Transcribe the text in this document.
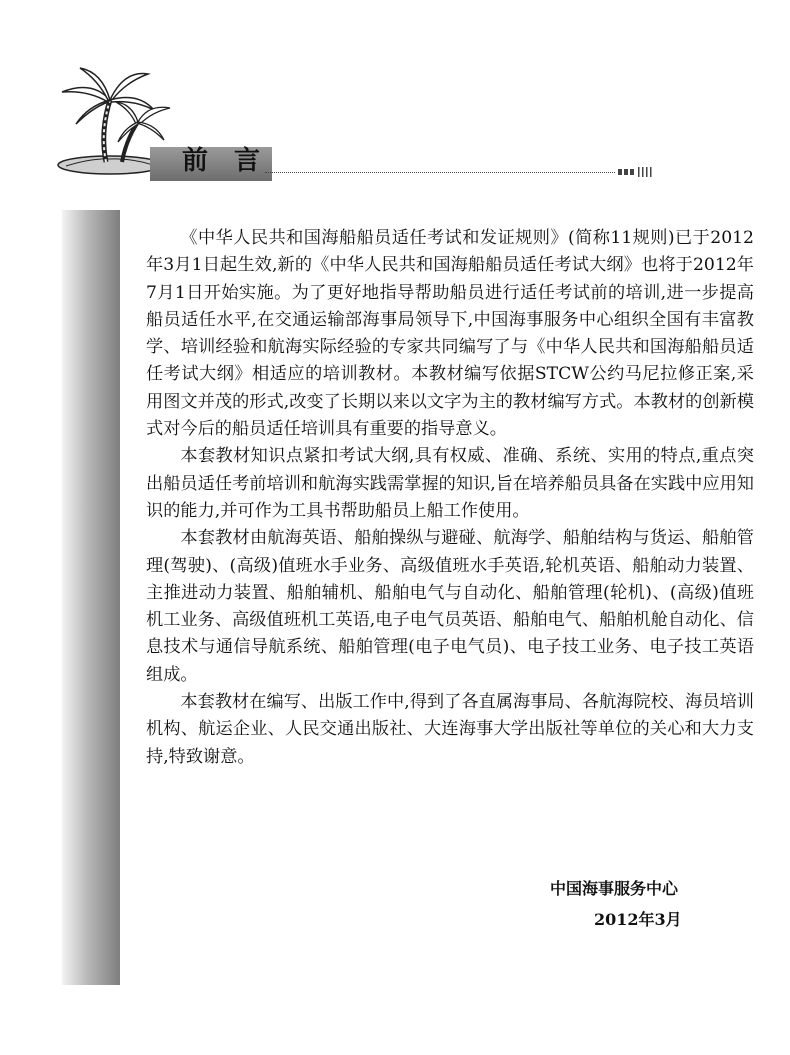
前言

《中华人民共和国海船船员适任考试和发证规则》(简称11规则)已于2012年3月1日起生效,新的《中华人民共和国海船船员适任考试大纲》也将于2012年7月1日开始实施。为了更好地指导帮助船员进行适任考试前的培训,进一步提高船员适任水平,在交通运输部海事局领导下,中国海事服务中心组织全国有丰富教学、培训经验和航海实际经验的专家共同编写了与《中华人民共和国海船船员适任考试大纲》相适应的培训教材。本教材编写依据STCW公约马尼拉修正案,采用图文并茂的形式,改变了长期以来以文字为主的教材编写方式。本教材的创新模式对今后的船员适任培训具有重要的指导意义。

本套教材知识点紧扣考试大纲,具有权威、准确、系统、实用的特点,重点突出船员适任考前培训和航海实践需掌握的知识,旨在培养船员具备在实践中应用知识的能力,并可作为工具书帮助船员上船工作使用。

本套教材由航海英语、船舶操纵与避碰、航海学、船舶结构与货运、船舶管理(驾驶)、(高级)值班水手业务、高级值班水手英语,轮机英语、船舶动力装置、主推进动力装置、船舶辅机、船舶电气与自动化、船舶管理(轮机)、(高级)值班机工业务、高级值班机工英语,电子电气员英语、船舶电气、船舶机舱自动化、信息技术与通信导航系统、船舶管理(电子电气员)、电子技工业务、电子技工英语组成。

本套教材在编写、出版工作中,得到了各直属海事局、各航海院校、海员培训机构、航运企业、人民交通出版社、大连海事大学出版社等单位的关心和大力支持,特致谢意。

中国海事服务中心
2012年3月
